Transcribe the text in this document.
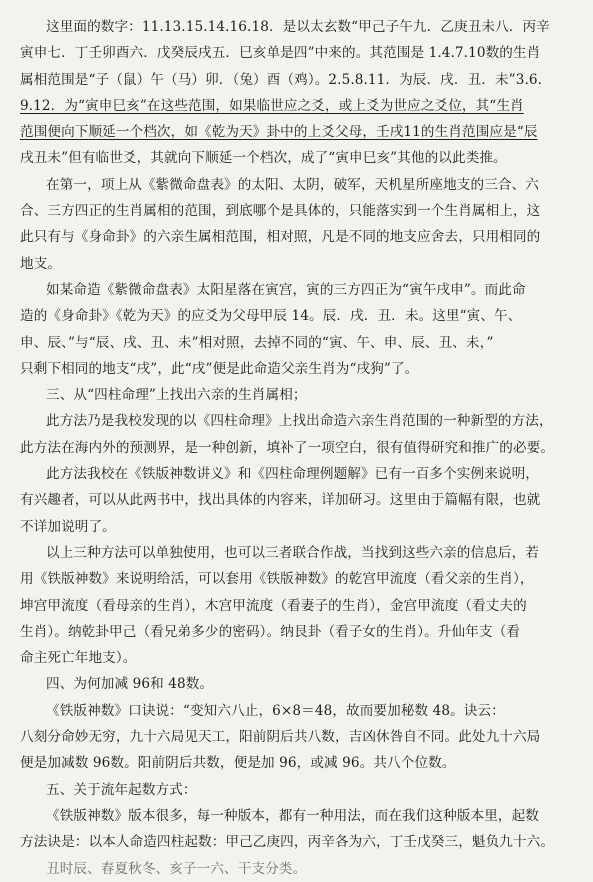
这里面的数字：11.13.15.14.16.18．是以太玄数“甲己子午九．乙庚丑未八．丙辛
寅申七．丁壬卯酉六．戊癸辰戌五．巳亥单是四”中来的。其范围是 1.4.7.10数的生肖
属相范围是“子（鼠）午（马）卯．（兔）酉（鸡）。2.5.8.11．为辰．戌．丑．未”3.6.
9.12．为“寅申巳亥”在这些范围，如果临世应之爻，或上爻为世应之爻位，其“生肖
范围便向下顺延一个档次，如《乾为天》卦中的上爻父母，壬戌11的生肖范围应是“辰
戌丑未”但有临世爻，其就向下顺延一个档次，成了“寅申巳亥”其他的以此类推。
在第一，项上从《紫微命盘表》的太阳、太阴，破军，天机星所座地支的三合、六
合、三方四正的生肖属相的范围，到底哪个是具体的，只能落实到一个生肖属相上，这
此只有与《身命卦》的六亲生属相范围，相对照，凡是不同的地支应舍去，只用相同的
地支。
如某命造《紫微命盘表》太阳星落在寅宫，寅的三方四正为“寅午戌申”。而此命
造的《身命卦》《乾为天》的应爻为父母甲辰 14。辰．戌．丑．未。这里“寅、午、
申、辰、”与“辰、戌、丑、未”相对照，去掉不同的“寅、午、申、辰、丑、未，”
只剩下相同的地支“戌”，此“戌”便是此命造父亲生肖为“戌狗”了。
三、从“四柱命理”上找出六亲的生肖属相；
此方法乃是我校发现的以《四柱命理》上找出命造六亲生肖范围的一种新型的方法，
此方法在海内外的预测界，是一种创新，填补了一项空白，很有值得研究和推广的必要。
此方法我校在《铁版神数讲义》和《四柱命理例题解》已有一百多个实例来说明，
有兴趣者，可以从此两书中，找出具体的内容来，详加研习。这里由于篇幅有限，也就
不详加说明了。
以上三种方法可以单独使用，也可以三者联合作战，当找到这些六亲的信息后，若
用《铁版神数》来说明给活，可以套用《铁版神数》的乾宫甲流度（看父亲的生肖），
坤宫甲流度（看母亲的生肖），木宫甲流度（看妻子的生肖），金宫甲流度（看丈夫的
生肖）。纳乾卦甲己（看兄弟多少的密码）。纳艮卦（看子女的生肖）。升仙年支（看
命主死亡年地支）。
四、为何加减 96和 48数。
《铁版神数》口诀说：“变知六八止，6×8＝48，故而要加秘数 48。诀云：
八刻分命妙无穷，九十六局见天工，阳前阴后共八数，吉凶休咎自不同。此处九十六局
便是加减数 96数。阳前阴后共数，便是加 96，或减 96。共八个位数。
五、关于流年起数方式：
《铁版神数》版本很多，每一种版本，都有一种用法，而在我们这种版本里，起数
方法诀是：以本人命造四柱起数：甲己乙庚四，丙辛各为六，丁壬戊癸三，魁负九十六。
丑时辰、春夏秋冬、亥子一六、干支分类。
